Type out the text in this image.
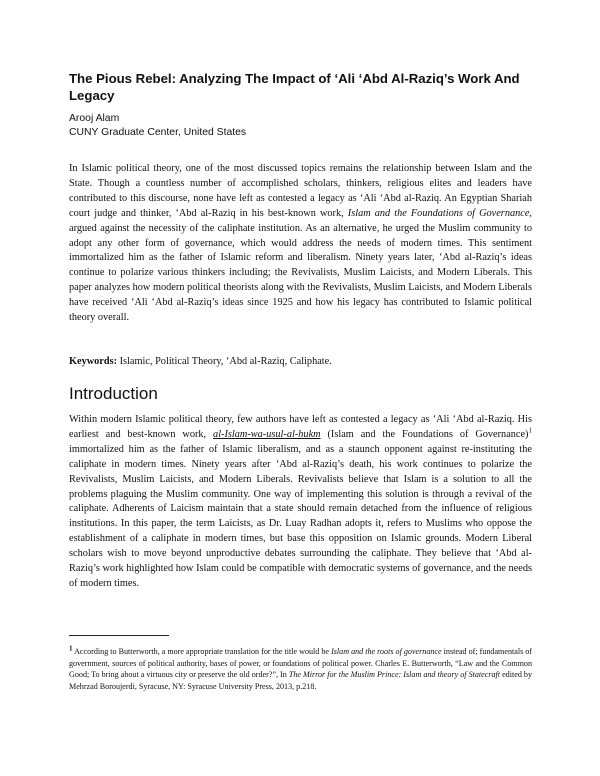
The Pious Rebel: Analyzing The Impact of ‘Ali ‘Abd Al-Raziq’s Work And Legacy
Arooj Alam
CUNY Graduate Center, United States

In Islamic political theory, one of the most discussed topics remains the relationship between Islam and the State. Though a countless number of accomplished scholars, thinkers, religious elites and leaders have contributed to this discourse, none have left as contested a legacy as ‘Ali ‘Abd al-Raziq. An Egyptian Shariah court judge and thinker, ‘Abd al-Raziq in his best-known work, Islam and the Foundations of Governance, argued against the necessity of the caliphate institution. As an alternative, he urged the Muslim community to adopt any other form of governance, which would address the needs of modern times. This sentiment immortalized him as the father of Islamic reform and liberalism. Ninety years later, ‘Abd al-Raziq’s ideas continue to polarize various thinkers including; the Revivalists, Muslim Laicists, and Modern Liberals. This paper analyzes how modern political theorists along with the Revivalists, Muslim Laicists, and Modern Liberals have received ‘Ali ‘Abd al-Raziq’s ideas since 1925 and how his legacy has contributed to Islamic political theory overall.

Keywords: Islamic, Political Theory, ‘Abd al-Raziq, Caliphate.

Introduction

Within modern Islamic political theory, few authors have left as contested a legacy as ‘Ali ‘Abd al-Raziq. His earliest and best-known work, al-Islam-wa-usul-al-hukm (Islam and the Foundations of Governance)$^1$ immortalized him as the father of Islamic liberalism, and as a staunch opponent against re-instituting the caliphate in modern times. Ninety years after ‘Abd al-Raziq’s death, his work continues to polarize the Revivalists, Muslim Laicists, and Modern Liberals. Revivalists believe that Islam is a solution to all the problems plaguing the Muslim community. One way of implementing this solution is through a revival of the caliphate. Adherents of Laicism maintain that a state should remain detached from the influence of religious institutions. In this paper, the term Laicists, as Dr. Luay Radhan adopts it, refers to Muslims who oppose the establishment of a caliphate in modern times, but base this opposition on Islamic grounds. Modern Liberal scholars wish to move beyond unproductive debates surrounding the caliphate. They believe that ‘Abd al-Raziq’s work highlighted how Islam could be compatible with democratic systems of governance, and the needs of modern times.

1 According to Butterworth, a more appropriate translation for the title would be Islam and the roots of governance instead of; fundamentals of government, sources of political authority, bases of power, or foundations of political power. Charles E. Butterworth, “Law and the Common Good; To bring about a virtuous city or preserve the old order?”, In The Mirror for the Muslim Prince: Islam and theory of Statecraft edited by Mehrzad Boroujerdi, Syracuse, NY: Syracuse University Press, 2013, p.218.
